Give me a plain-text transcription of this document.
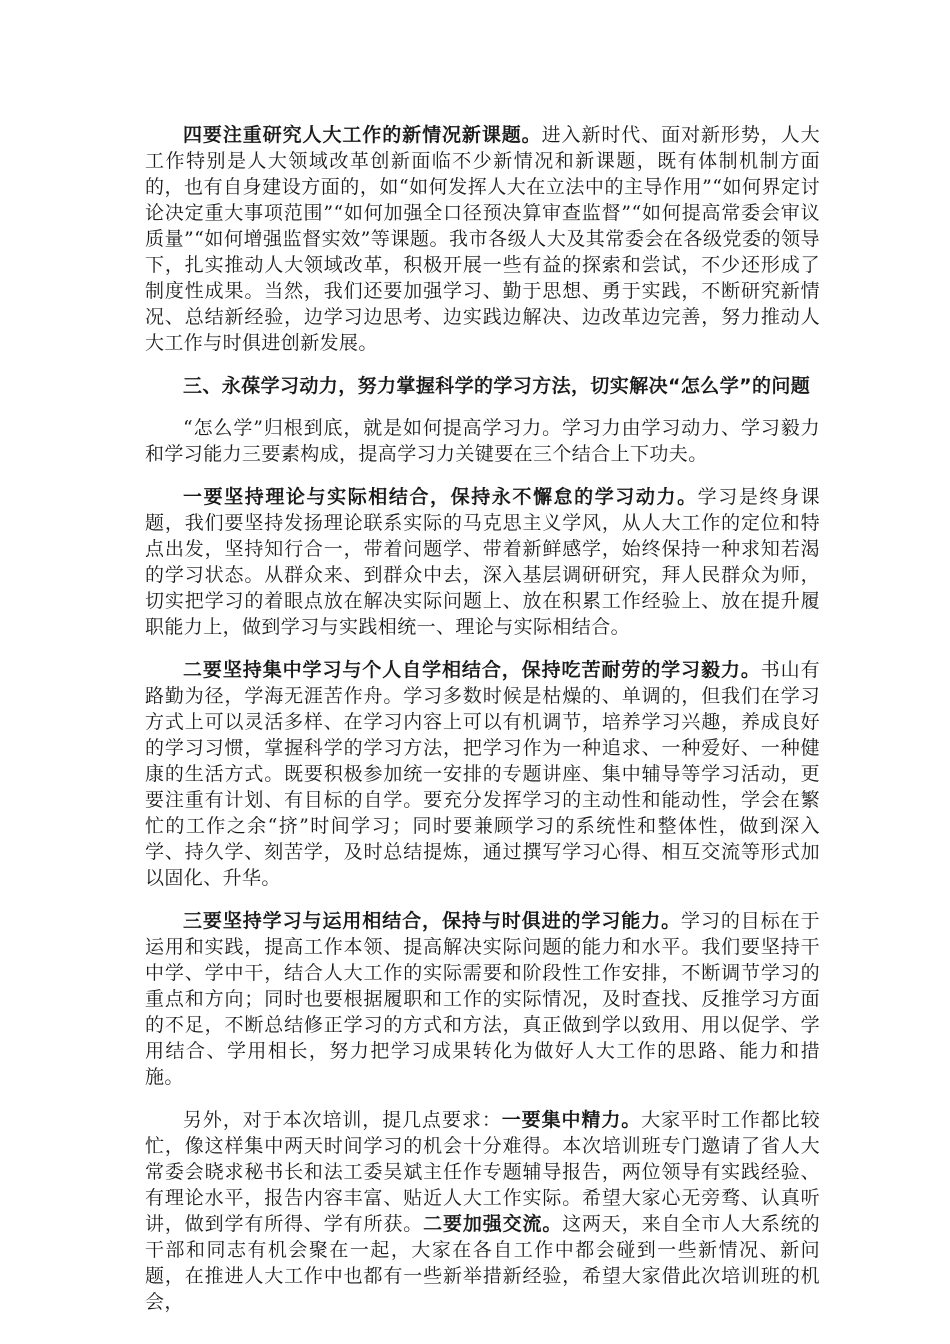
四要注重研究人大工作的新情况新课题。进入新时代、面对新形势，人大工作特别是人大领域改革创新面临不少新情况和新课题，既有体制机制方面的，也有自身建设方面的，如“如何发挥人大在立法中的主导作用”“如何界定讨论决定重大事项范围”“如何加强全口径预决算审查监督”“如何提高常委会审议质量”“如何增强监督实效”等课题。我市各级人大及其常委会在各级党委的领导下，扎实推动人大领域改革，积极开展一些有益的探索和尝试，不少还形成了制度性成果。当然，我们还要加强学习、勤于思想、勇于实践，不断研究新情况、总结新经验，边学习边思考、边实践边解决、边改革边完善，努力推动人大工作与时俱进创新发展。

三、永葆学习动力，努力掌握科学的学习方法，切实解决“怎么学”的问题

“怎么学”归根到底，就是如何提高学习力。学习力由学习动力、学习毅力和学习能力三要素构成，提高学习力关键要在三个结合上下功夫。

一要坚持理论与实际相结合，保持永不懈怠的学习动力。学习是终身课题，我们要坚持发扬理论联系实际的马克思主义学风，从人大工作的定位和特点出发，坚持知行合一，带着问题学、带着新鲜感学，始终保持一种求知若渴的学习状态。从群众来、到群众中去，深入基层调研研究，拜人民群众为师，切实把学习的着眼点放在解决实际问题上、放在积累工作经验上、放在提升履职能力上，做到学习与实践相统一、理论与实际相结合。

二要坚持集中学习与个人自学相结合，保持吃苦耐劳的学习毅力。书山有路勤为径，学海无涯苦作舟。学习多数时候是枯燥的、单调的，但我们在学习方式上可以灵活多样、在学习内容上可以有机调节，培养学习兴趣，养成良好的学习习惯，掌握科学的学习方法，把学习作为一种追求、一种爱好、一种健康的生活方式。既要积极参加统一安排的专题讲座、集中辅导等学习活动，更要注重有计划、有目标的自学。要充分发挥学习的主动性和能动性，学会在繁忙的工作之余“挤”时间学习；同时要兼顾学习的系统性和整体性，做到深入学、持久学、刻苦学，及时总结提炼，通过撰写学习心得、相互交流等形式加以固化、升华。

三要坚持学习与运用相结合，保持与时俱进的学习能力。学习的目标在于运用和实践，提高工作本领、提高解决实际问题的能力和水平。我们要坚持干中学、学中干，结合人大工作的实际需要和阶段性工作安排，不断调节学习的重点和方向；同时也要根据履职和工作的实际情况，及时查找、反推学习方面的不足，不断总结修正学习的方式和方法，真正做到学以致用、用以促学、学用结合、学用相长，努力把学习成果转化为做好人大工作的思路、能力和措施。

另外，对于本次培训，提几点要求：一要集中精力。大家平时工作都比较忙，像这样集中两天时间学习的机会十分难得。本次培训班专门邀请了省人大常委会晓求秘书长和法工委吴斌主任作专题辅导报告，两位领导有实践经验、有理论水平，报告内容丰富、贴近人大工作实际。希望大家心无旁骛、认真听讲，做到学有所得、学有所获。二要加强交流。这两天，来自全市人大系统的干部和同志有机会聚在一起，大家在各自工作中都会碰到一些新情况、新问题，在推进人大工作中也都有一些新举措新经验，希望大家借此次培训班的机会，
